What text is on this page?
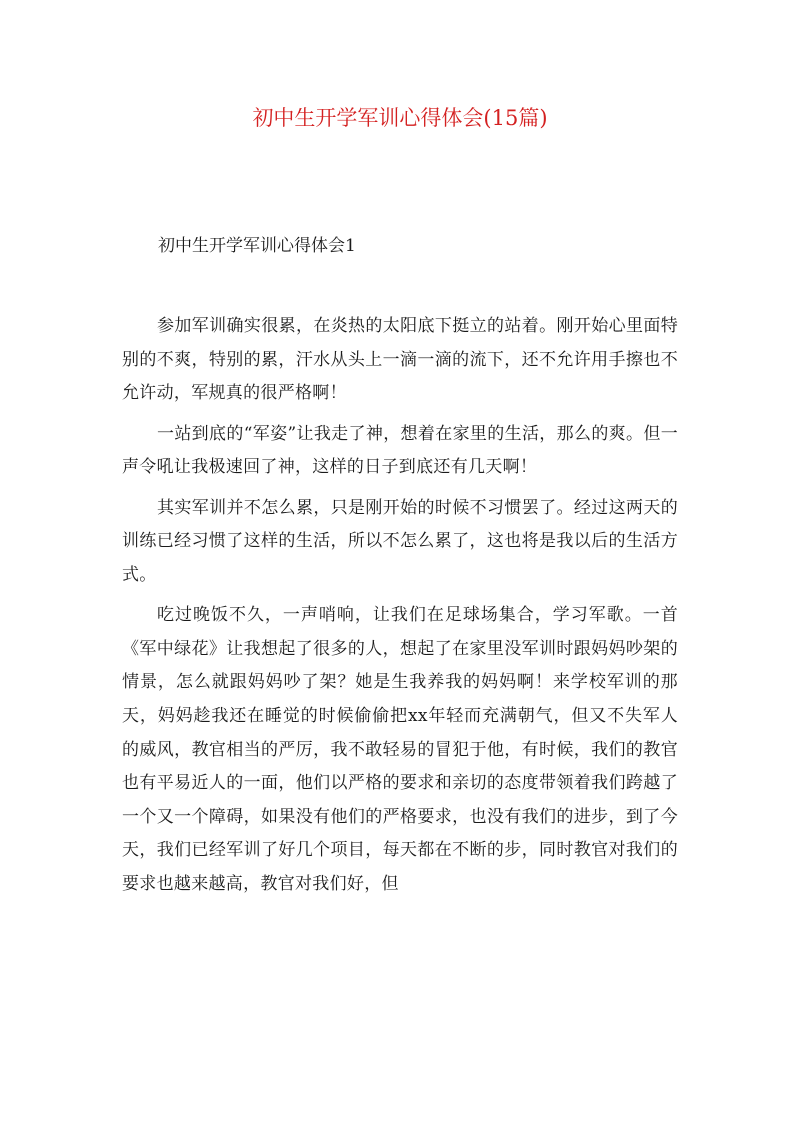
初中生开学军训心得体会(15篇)
初中生开学军训心得体会1

参加军训确实很累，在炎热的太阳底下挺立的站着。刚开始心里面特别的不爽，特别的累，汗水从头上一滴一滴的流下，还不允许用手擦也不允许动，军规真的很严格啊！

一站到底的“军姿”让我走了神，想着在家里的生活，那么的爽。但一声令吼让我极速回了神，这样的日子到底还有几天啊！

其实军训并不怎么累，只是刚开始的时候不习惯罢了。经过这两天的训练已经习惯了这样的生活，所以不怎么累了，这也将是我以后的生活方式。

吃过晚饭不久，一声哨响，让我们在足球场集合，学习军歌。一首《军中绿花》让我想起了很多的人，想起了在家里没军训时跟妈妈吵架的情景，怎么就跟妈妈吵了架？她是生我养我的妈妈啊！来学校军训的那天，妈妈趁我还在睡觉的时候偷偷把xx年轻而充满朝气，但又不失军人的威风，教官相当的严厉，我不敢轻易的冒犯于他，有时候，我们的教官也有平易近人的一面，他们以严格的要求和亲切的态度带领着我们跨越了一个又一个障碍，如果没有他们的严格要求，也没有我们的进步，到了今天，我们已经军训了好几个项目，每天都在不断的步，同时教官对我们的要求也越来越高，教官对我们好，但
